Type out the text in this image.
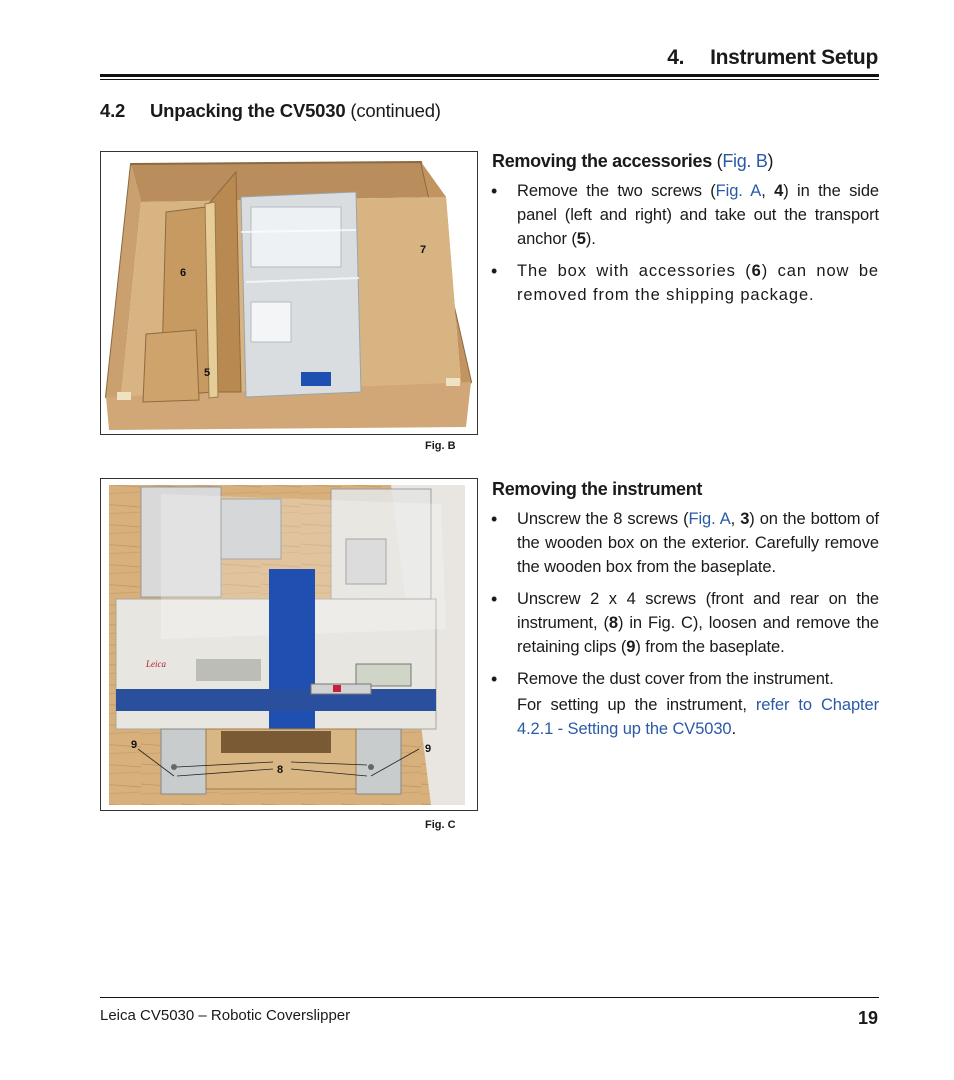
4. Instrument Setup
4.2 Unpacking the CV5030 (continued)
6
5
7
Fig. B
Leica
9	9
8
Fig. C
Removing the accessories (Fig. B)
• Remove the two screws (Fig. A, 4) in the side panel (left and right) and take out the transport anchor (5).
• The box with accessories (6) can now be removed from the shipping package.
Removing the instrument
• Unscrew the 8 screws (Fig. A, 3) on the bottom of the wooden box on the exterior. Carefully remove the wooden box from the baseplate.
• Unscrew 2 x 4 screws (front and rear on the instrument, (8) in Fig. C), loosen and remove the retaining clips (9) from the baseplate.
• Remove the dust cover from the instrument.
For setting up the instrument, refer to Chapter 4.2.1 - Setting up the CV5030.
Leica CV5030 – Robotic Coverslipper	19
